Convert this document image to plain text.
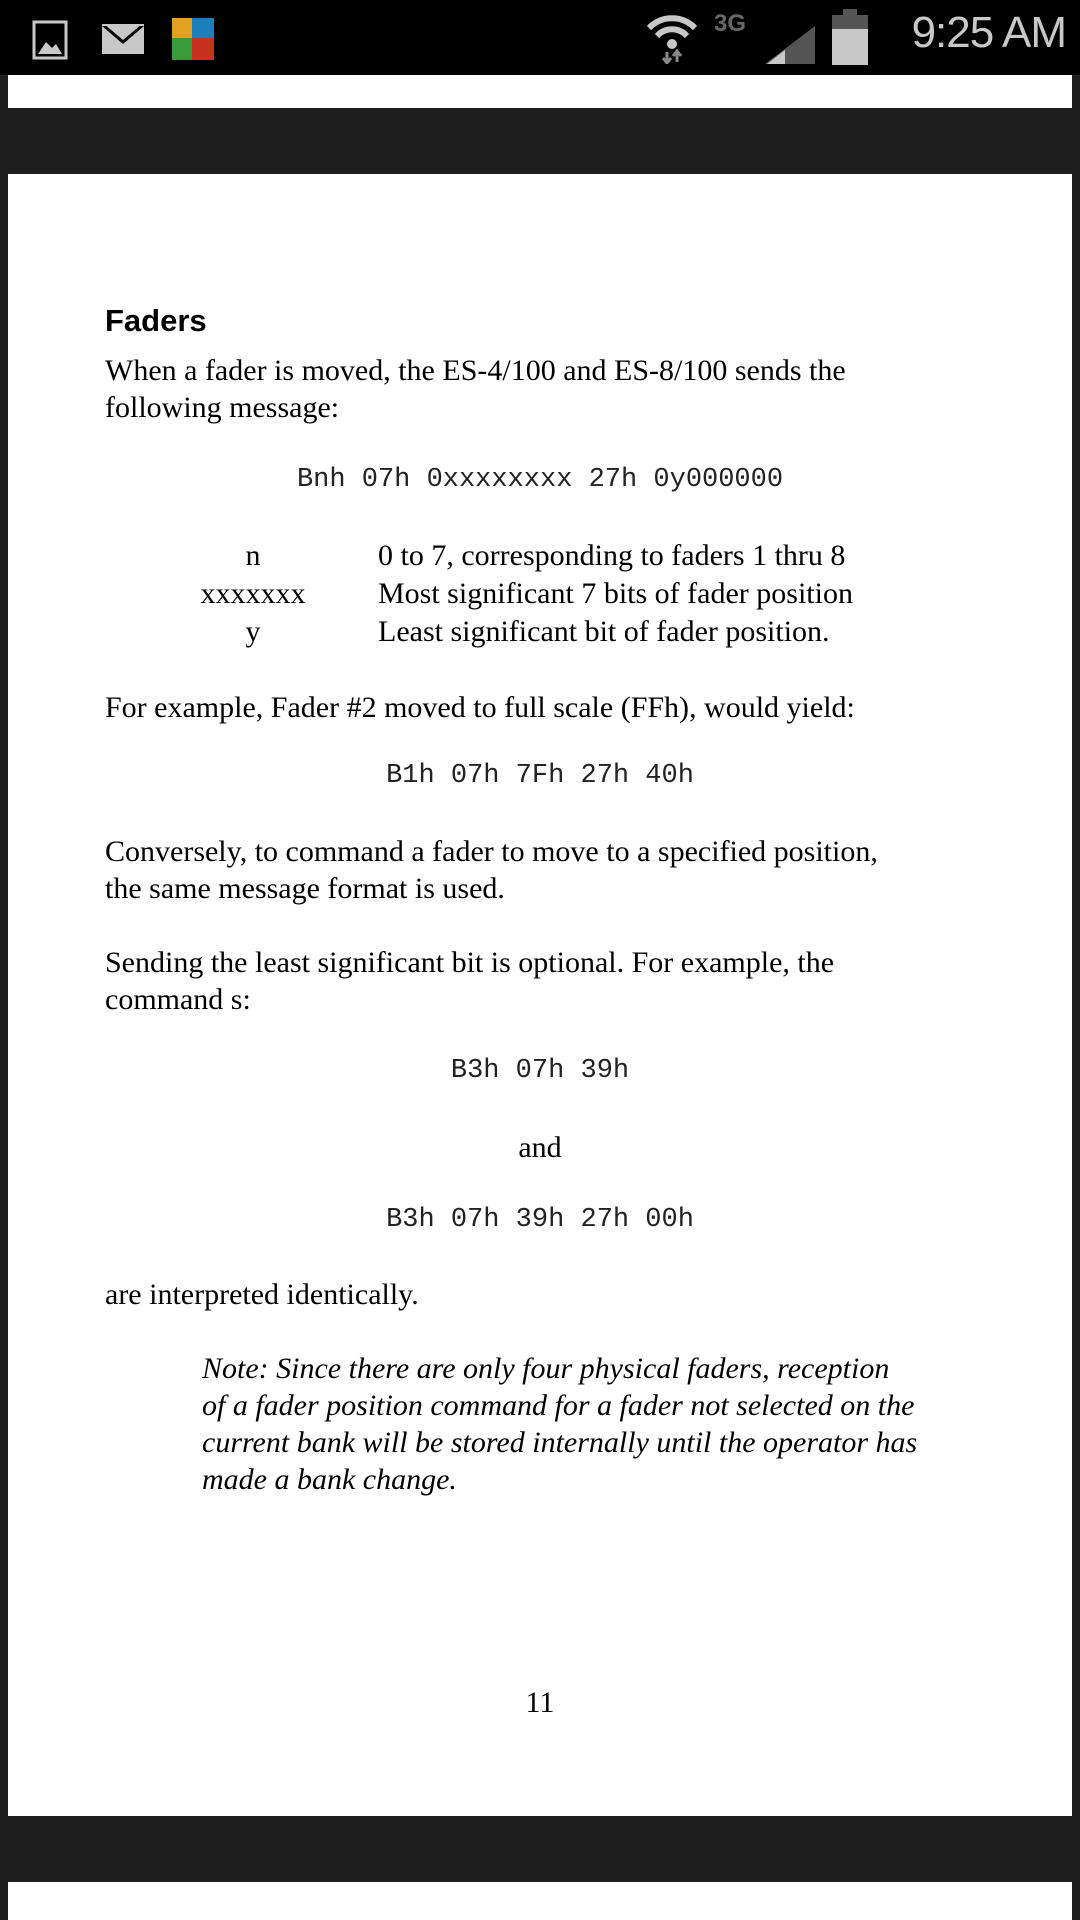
3G	9:25 AM
Faders
When a fader is moved, the ES-4/100 and ES-8/100 sends the
following message:
Bnh 07h 0xxxxxxxx 27h 0y000000
n	0 to 7, corresponding to faders 1 thru 8
xxxxxxx	Most significant 7 bits of fader position
y	Least significant bit of fader position.
For example, Fader #2 moved to full scale (FFh), would yield:
B1h 07h 7Fh 27h 40h
Conversely, to command a fader to move to a specified position,
the same message format is used.
Sending the least significant bit is optional. For example, the
command s:
B3h 07h 39h
and
B3h 07h 39h 27h 00h
are interpreted identically.
Note: Since there are only four physical faders, reception
of a fader position command for a fader not selected on the
current bank will be stored internally until the operator has
made a bank change.
11
